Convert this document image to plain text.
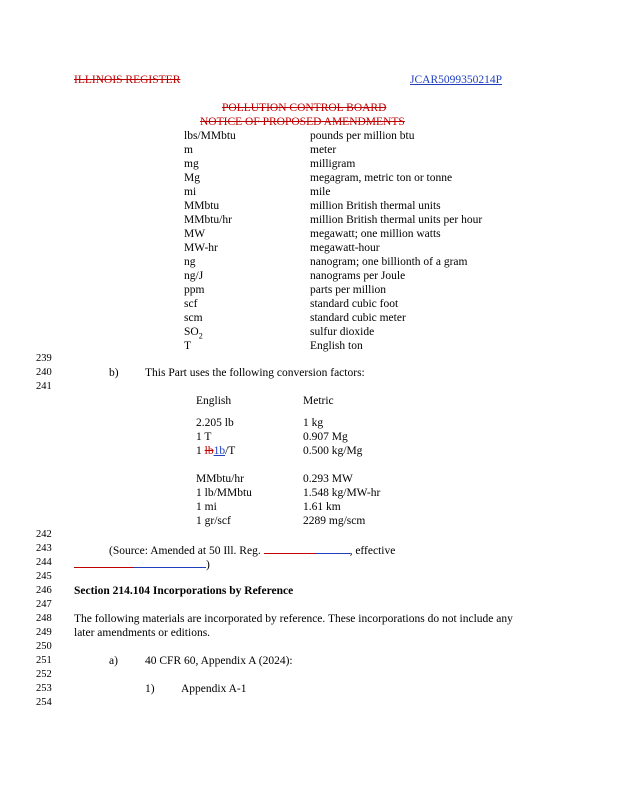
ILLINOIS REGISTER	JCAR5099350214P
POLLUTION CONTROL BOARD
NOTICE OF PROPOSED AMENDMENTS
lbs/MMbtu	pounds per million btu
m	meter
mg	milligram
Mg	megagram, metric ton or tonne
mi	mile
MMbtu	million British thermal units
MMbtu/hr	million British thermal units per hour
MW	megawatt; one million watts
MW-hr	megawatt-hour
ng	nanogram; one billionth of a gram
ng/J	nanograms per Joule
ppm	parts per million
scf	standard cubic foot
scm	standard cubic meter
$SO_2$	sulfur dioxide
T	English ton
239
240
241
242
243
244
245
246
247
248
249
250
251
252
253
254
b) This Part uses the following conversion factors:
English	Metric
2.205 lb	1 kg
1 T	0.907 Mg
1 lb1b/T	0.500 kg/Mg
MMbtu/hr	0.293 MW
1 lb/MMbtu	1.548 kg/MW-hr
1 mi	1.61 km
1 gr/scf	2289 mg/scm
(Source: Amended at 50 Ill. Reg.	, effective
)
Section 214.104 Incorporations by Reference
The following materials are incorporated by reference. These incorporations do not include any
later amendments or editions.
a) 40 CFR 60, Appendix A (2024):
1) Appendix A-1
